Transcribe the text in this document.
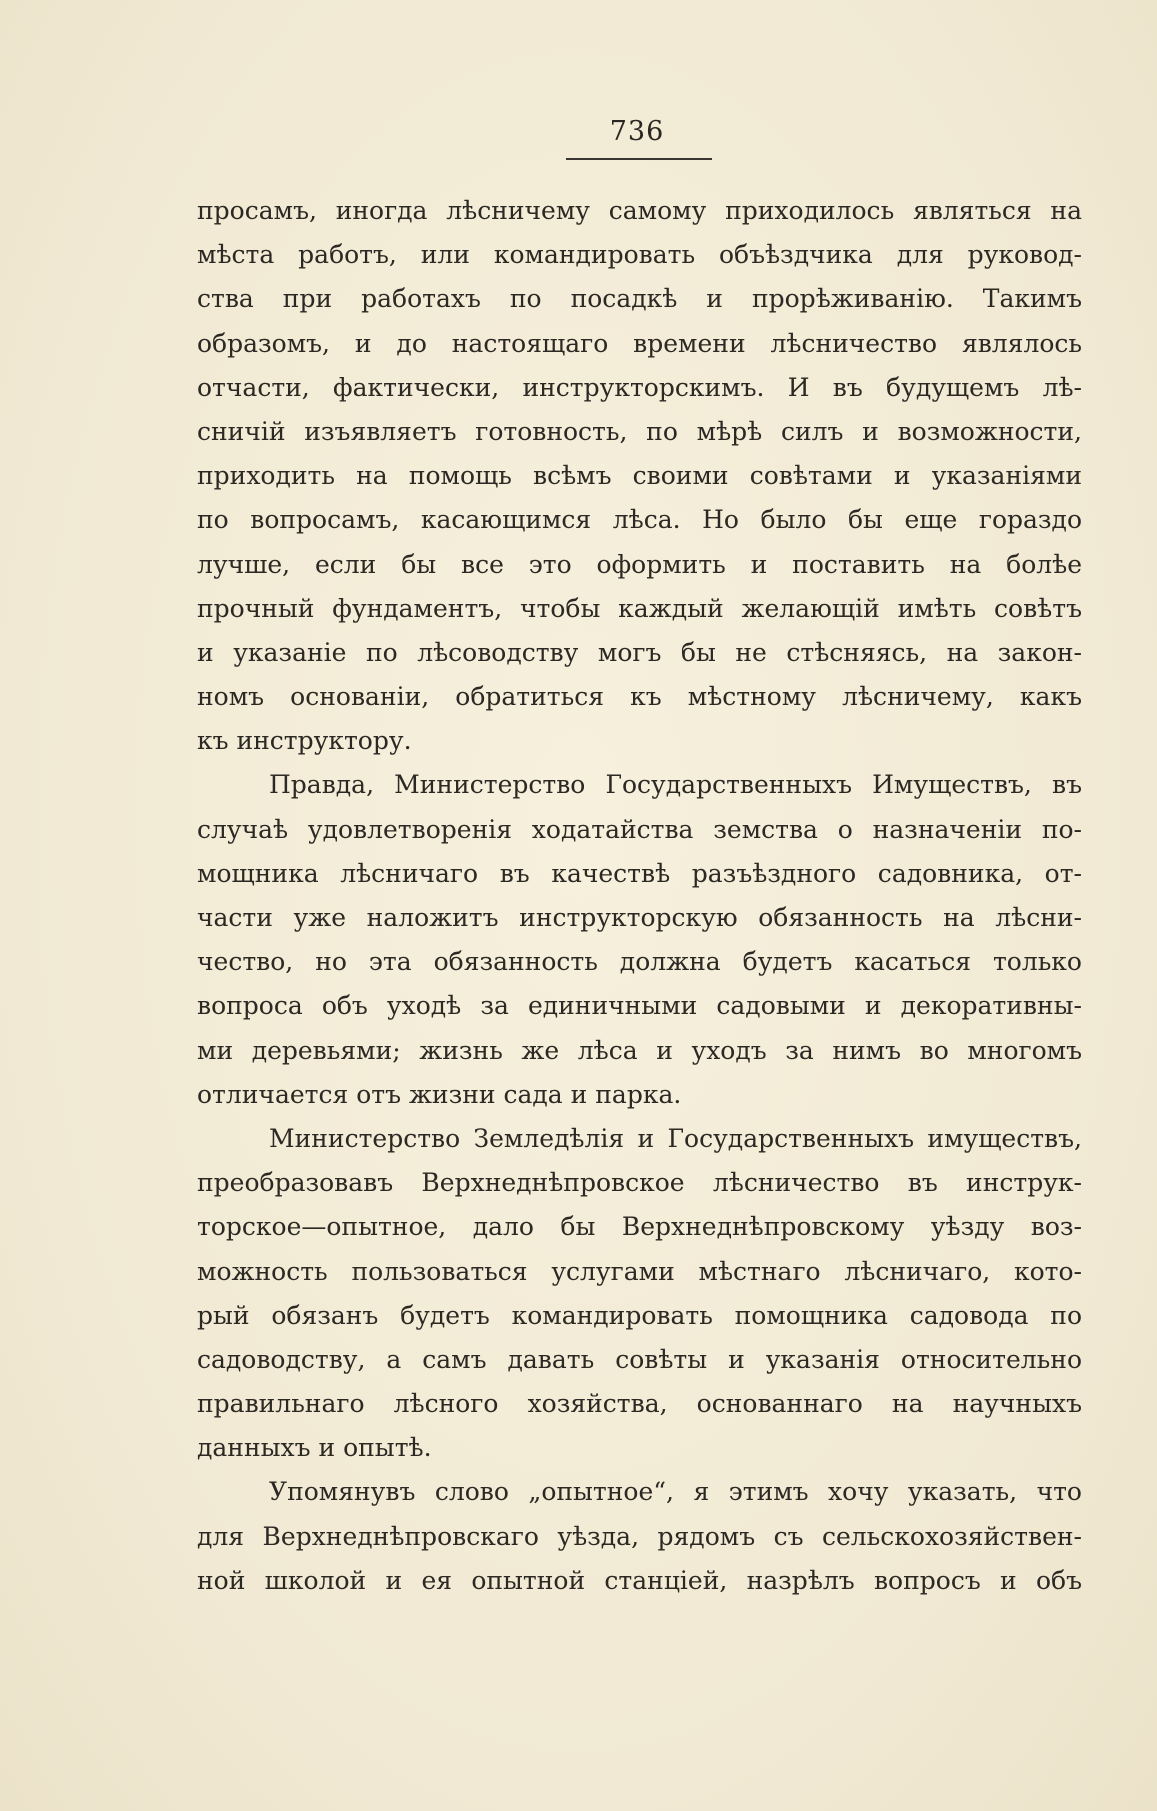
736
просамъ, иногда лѣсничему самому приходилось являться на
мѣста работъ, или командировать объѣздчика для руковод-
ства при работахъ по посадкѣ и прорѣживанію. Такимъ
образомъ, и до настоящаго времени лѣсничество являлось
отчасти, фактически, инструкторскимъ. И въ будущемъ лѣ-
сничій изъявляетъ готовность, по мѣрѣ силъ и возможности,
приходить на помощь всѣмъ своими совѣтами и указаніями
по вопросамъ, касающимся лѣса. Но было бы еще гораздо
лучше, если бы все это оформить и поставить на болѣе
прочный фундаментъ, чтобы каждый желающій имѣть совѣтъ
и указаніе по лѣсоводству могъ бы не стѣсняясь, на закон-
номъ основаніи, обратиться къ мѣстному лѣсничему, какъ
къ инструктору.
Правда, Министерство Государственныхъ Имуществъ, въ
случаѣ удовлетворенія ходатайства земства о назначеніи по-
мощника лѣсничаго въ качествѣ разъѣздного садовника, от-
части уже наложитъ инструкторскую обязанность на лѣсни-
чество, но эта обязанность должна будетъ касаться только
вопроса объ уходѣ за единичными садовыми и декоративны-
ми деревьями; жизнь же лѣса и уходъ за нимъ во многомъ
отличается отъ жизни сада и парка.
Министерство Земледѣлія и Государственныхъ имуществъ,
преобразовавъ Верхнеднѣпровское лѣсничество въ инструк-
торское—опытное, дало бы Верхнеднѣпровскому уѣзду воз-
можность пользоваться услугами мѣстнаго лѣсничаго, кото-
рый обязанъ будетъ командировать помощника садовода по
садоводству, а самъ давать совѣты и указанія относительно
правильнаго лѣсного хозяйства, основаннаго на научныхъ
данныхъ и опытѣ.
Упомянувъ слово „опытное“, я этимъ хочу указать, что
для Верхнеднѣпровскаго уѣзда, рядомъ съ сельскохозяйствен-
ной школой и ея опытной станціей, назрѣлъ вопросъ и объ
